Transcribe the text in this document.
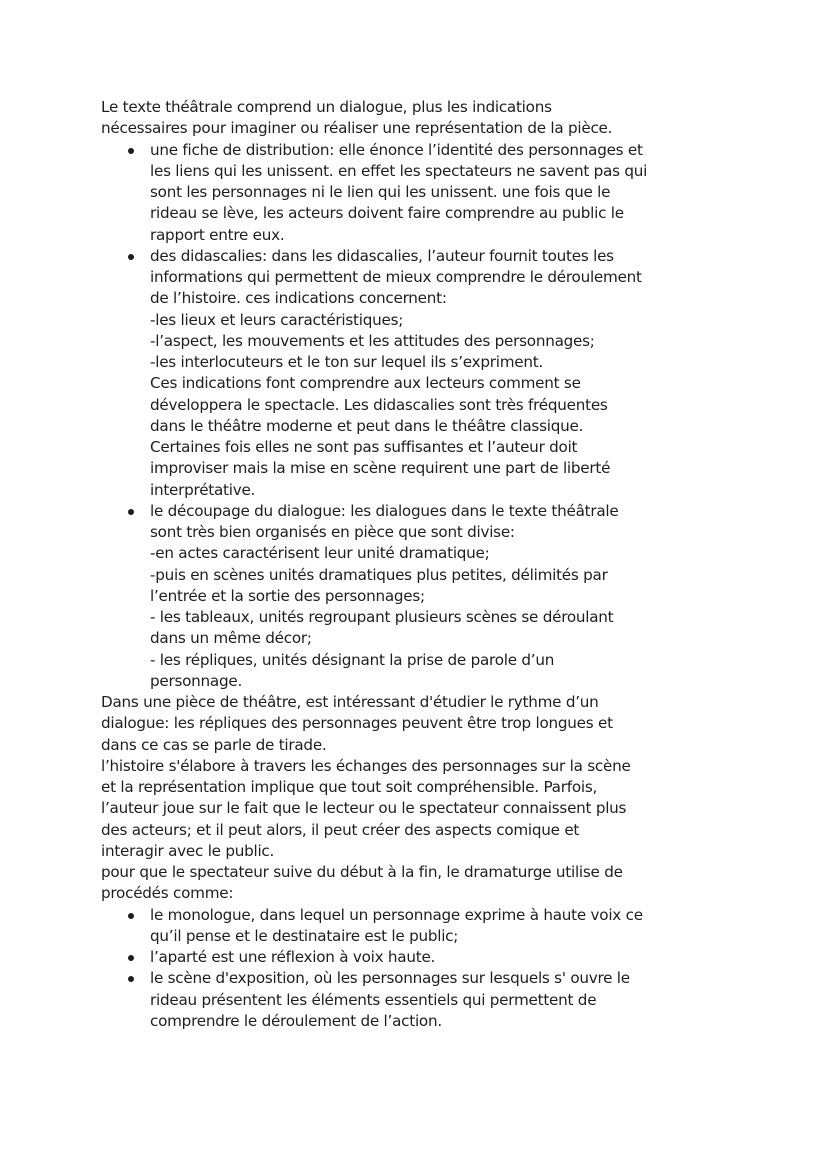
Le texte théâtrale comprend un dialogue, plus les indications

nécessaires pour imaginer ou réaliser une représentation de la pièce.

une fiche de distribution: elle énonce l’identité des personnages et
les liens qui les unissent. en effet les spectateurs ne savent pas qui
sont les personnages ni le lien qui les unissent. une fois que le
rideau se lève, les acteurs doivent faire comprendre au public le
rapport entre eux.
des didascalies: dans les didascalies, l’auteur fournit toutes les
informations qui permettent de mieux comprendre le déroulement
de l’histoire. ces indications concernent:
-les lieux et leurs caractéristiques;
-l’aspect, les mouvements et les attitudes des personnages;
-les interlocuteurs et le ton sur lequel ils s’expriment.
Ces indications font comprendre aux lecteurs comment se
développera le spectacle. Les didascalies sont très fréquentes
dans le théâtre moderne et peut dans le théâtre classique.
Certaines fois elles ne sont pas suffisantes et l’auteur doit
improviser mais la mise en scène requirent une part de liberté
interprétative.
le découpage du dialogue: les dialogues dans le texte théâtrale
sont très bien organisés en pièce que sont divise:
-en actes caractérisent leur unité dramatique;
-puis en scènes unités dramatiques plus petites, délimités par
l’entrée et la sortie des personnages;
- les tableaux, unités regroupant plusieurs scènes se déroulant
dans un même décor;
- les répliques, unités désignant la prise de parole d’un
personnage.

Dans une pièce de théâtre, est intéressant d'étudier le rythme d’un

dialogue: les répliques des personnages peuvent être trop longues et

dans ce cas se parle de tirade.

l’histoire s'élabore à travers les échanges des personnages sur la scène

et la représentation implique que tout soit compréhensible. Parfois,

l’auteur joue sur le fait que le lecteur ou le spectateur connaissent plus

des acteurs; et il peut alors, il peut créer des aspects comique et

interagir avec le public.

pour que le spectateur suive du début à la fin, le dramaturge utilise de

procédés comme:

le monologue, dans lequel un personnage exprime à haute voix ce
qu’il pense et le destinataire est le public;
l’aparté est une réflexion à voix haute.
le scène d'exposition, où les personnages sur lesquels s' ouvre le
rideau présentent les éléments essentiels qui permettent de
comprendre le déroulement de l’action.
